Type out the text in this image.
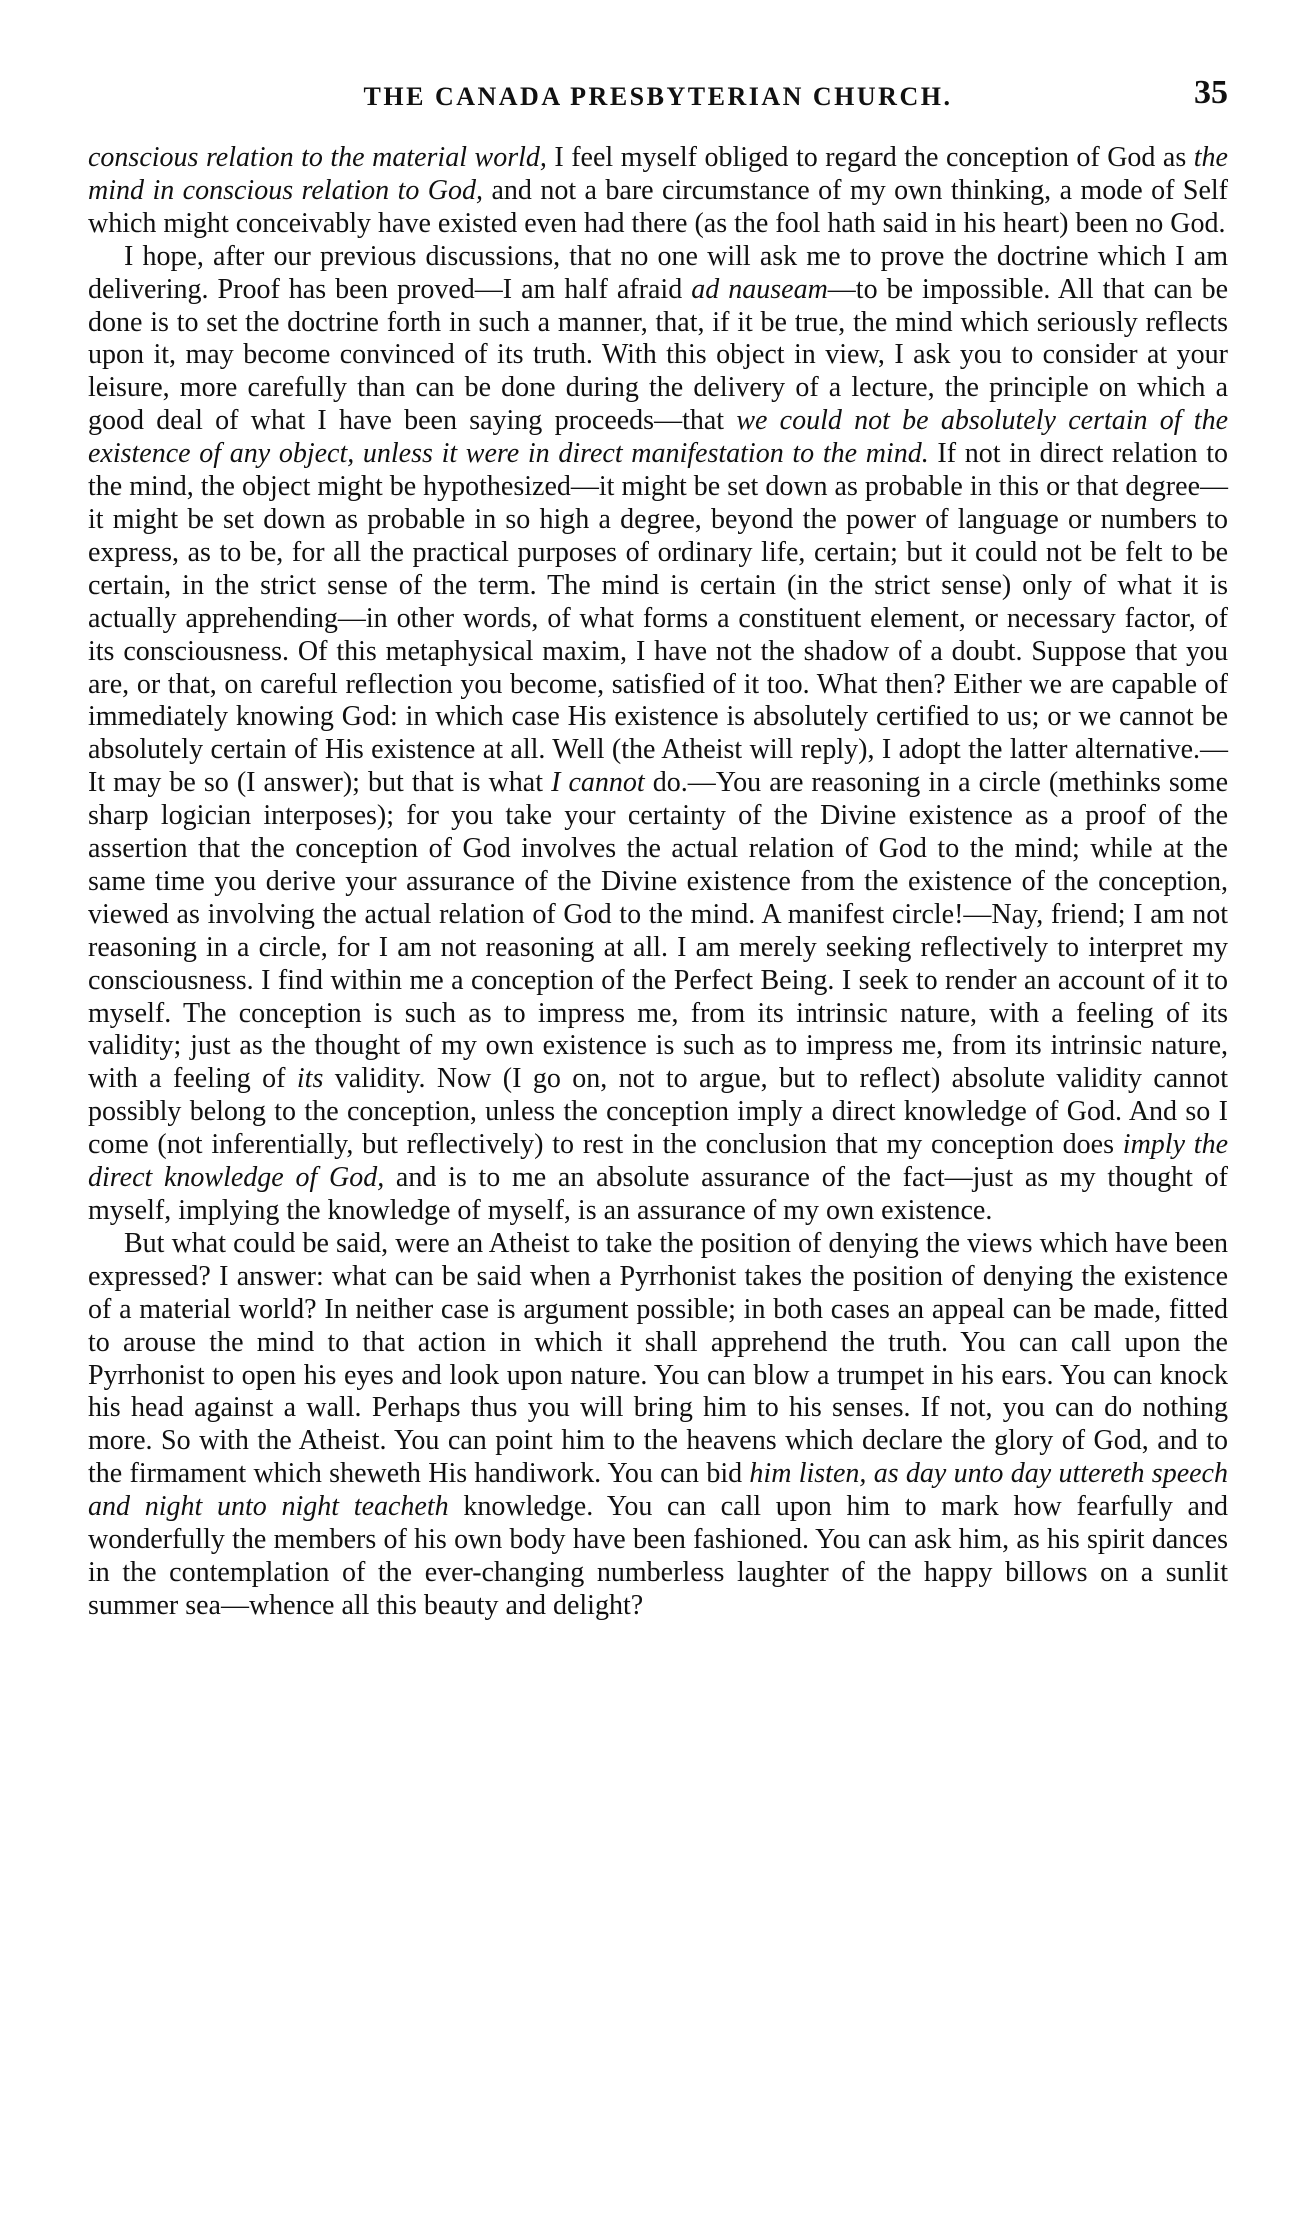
THE CANADA PRESBYTERIAN CHURCH.	35

conscious relation to the material world, I feel myself obliged to regard the conception of God as the mind in conscious relation to God, and not a bare circumstance of my own thinking, a mode of Self which might conceivably have existed even had there (as the fool hath said in his heart) been no God.

I hope, after our previous discussions, that no one will ask me to prove the doctrine which I am delivering. Proof has been proved—I am half afraid ad nauseam—to be impossible. All that can be done is to set the doctrine forth in such a manner, that, if it be true, the mind which seriously reflects upon it, may become convinced of its truth. With this object in view, I ask you to consider at your leisure, more carefully than can be done during the delivery of a lecture, the principle on which a good deal of what I have been saying proceeds—that we could not be absolutely certain of the existence of any object, unless it were in direct manifestation to the mind. If not in direct relation to the mind, the object might be hypothesized—it might be set down as probable in this or that degree—it might be set down as probable in so high a degree, beyond the power of language or numbers to express, as to be, for all the practical purposes of ordinary life, certain; but it could not be felt to be certain, in the strict sense of the term. The mind is certain (in the strict sense) only of what it is actually apprehending—in other words, of what forms a constituent element, or necessary factor, of its consciousness. Of this metaphysical maxim, I have not the shadow of a doubt. Suppose that you are, or that, on careful reflection you become, satisfied of it too. What then? Either we are capable of immediately knowing God: in which case His existence is absolutely certified to us; or we cannot be absolutely certain of His existence at all. Well (the Atheist will reply), I adopt the latter alternative.—It may be so (I answer); but that is what I cannot do.—You are reasoning in a circle (methinks some sharp logician interposes); for you take your certainty of the Divine existence as a proof of the assertion that the conception of God involves the actual relation of God to the mind; while at the same time you derive your assurance of the Divine existence from the existence of the conception, viewed as involving the actual relation of God to the mind. A manifest circle!—Nay, friend; I am not reasoning in a circle, for I am not reasoning at all. I am merely seeking reflectively to interpret my consciousness. I find within me a conception of the Perfect Being. I seek to render an account of it to myself. The conception is such as to impress me, from its intrinsic nature, with a feeling of its validity; just as the thought of my own existence is such as to impress me, from its intrinsic nature, with a feeling of its validity. Now (I go on, not to argue, but to reflect) absolute validity cannot possibly belong to the conception, unless the conception imply a direct knowledge of God. And so I come (not inferentially, but reflectively) to rest in the conclusion that my conception does imply the direct knowledge of God, and is to me an absolute assurance of the fact—just as my thought of myself, implying the knowledge of myself, is an assurance of my own existence.

But what could be said, were an Atheist to take the position of denying the views which have been expressed? I answer: what can be said when a Pyrrhonist takes the position of denying the existence of a material world? In neither case is argument possible; in both cases an appeal can be made, fitted to arouse the mind to that action in which it shall apprehend the truth. You can call upon the Pyrrhonist to open his eyes and look upon nature. You can blow a trumpet in his ears. You can knock his head against a wall. Perhaps thus you will bring him to his senses. If not, you can do nothing more. So with the Atheist. You can point him to the heavens which declare the glory of God, and to the firmament which sheweth His handiwork. You can bid him listen, as day unto day uttereth speech and night unto night teacheth knowledge. You can call upon him to mark how fearfully and wonderfully the members of his own body have been fashioned. You can ask him, as his spirit dances in the contemplation of the ever-changing numberless laughter of the happy billows on a sunlit summer sea—whence all this beauty and delight?
